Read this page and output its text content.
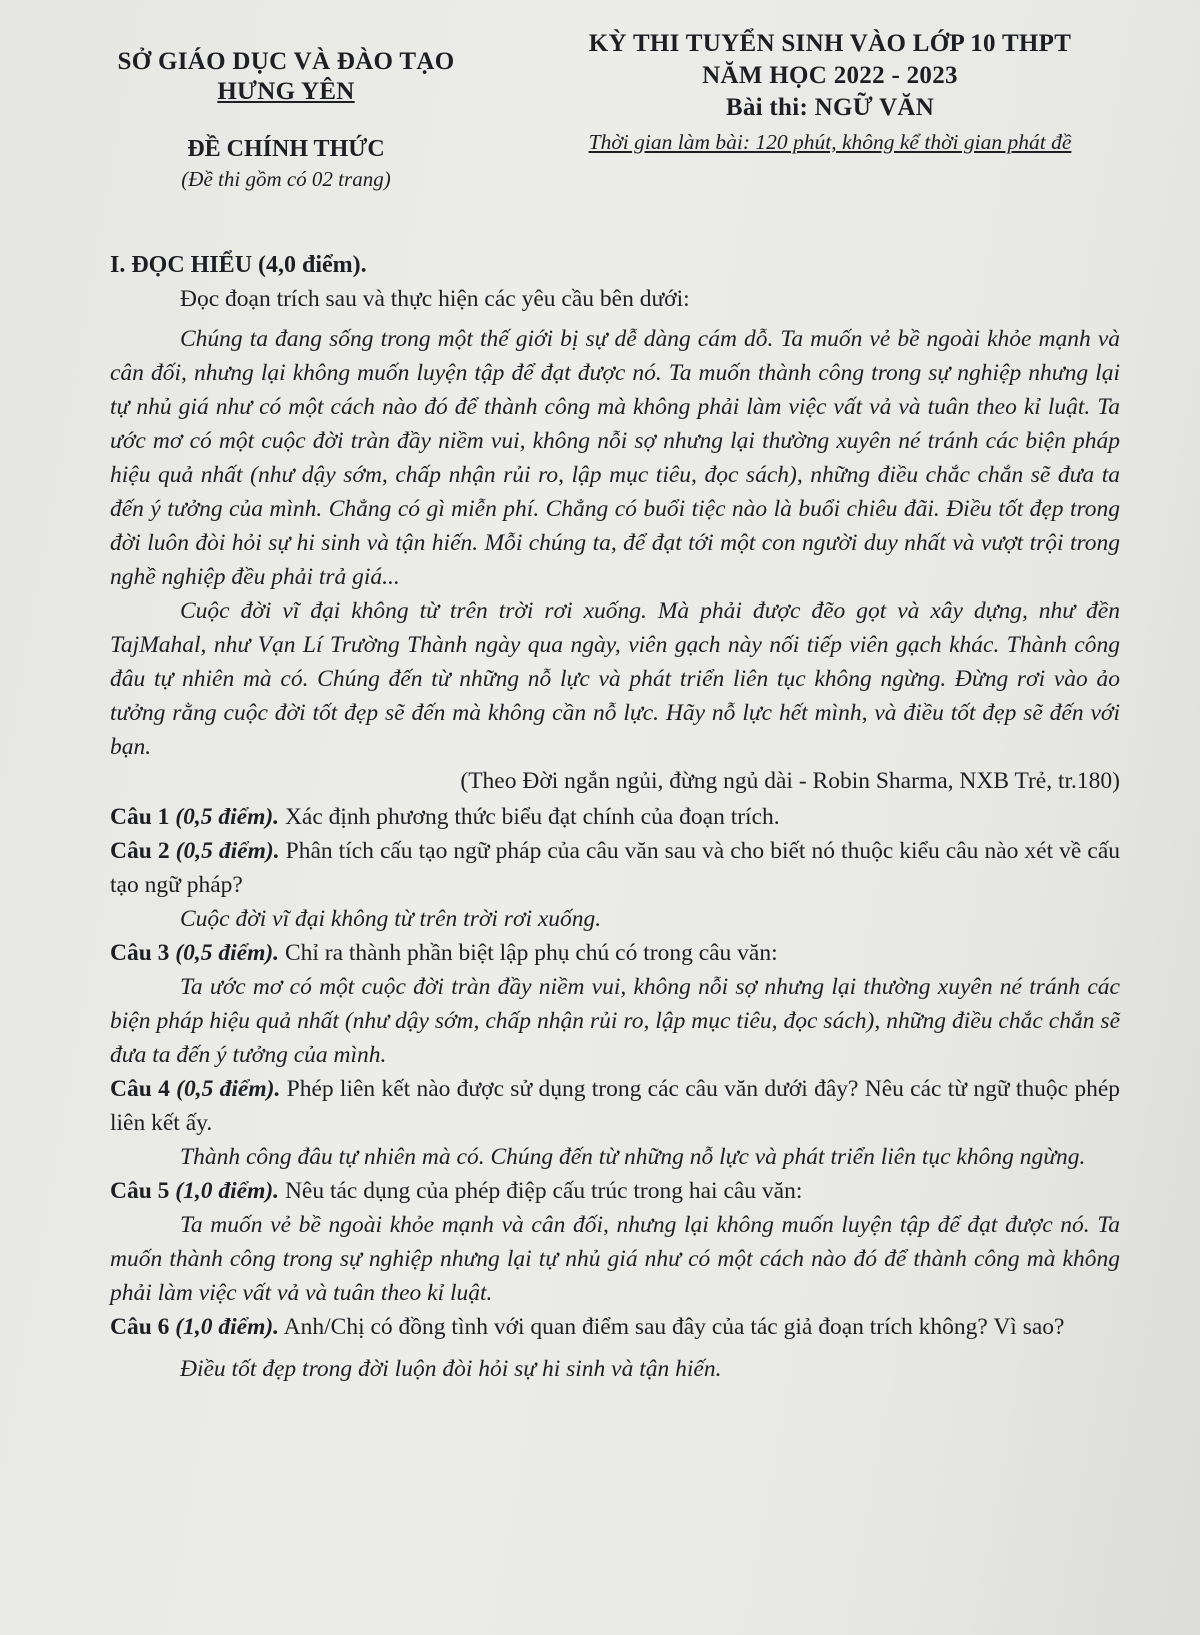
SỞ GIÁO DỤC VÀ ĐÀO TẠO
HƯNG YÊN
ĐỀ CHÍNH THỨC
(Đề thi gồm có 02 trang)
KỲ THI TUYỂN SINH VÀO LỚP 10 THPT
NĂM HỌC 2022 - 2023
Bài thi: NGỮ VĂN
Thời gian làm bài: 120 phút, không kể thời gian phát đề

I. ĐỌC HIỂU (4,0 điểm).

Đọc đoạn trích sau và thực hiện các yêu cầu bên dưới:

Chúng ta đang sống trong một thế giới bị sự dễ dàng cám dỗ. Ta muốn vẻ bề ngoài khỏe mạnh và cân đối, nhưng lại không muốn luyện tập để đạt được nó. Ta muốn thành công trong sự nghiệp nhưng lại tự nhủ giá như có một cách nào đó để thành công mà không phải làm việc vất vả và tuân theo kỉ luật. Ta ước mơ có một cuộc đời tràn đầy niềm vui, không nỗi sợ nhưng lại thường xuyên né tránh các biện pháp hiệu quả nhất (như dậy sớm, chấp nhận rủi ro, lập mục tiêu, đọc sách), những điều chắc chắn sẽ đưa ta đến ý tưởng của mình. Chẳng có gì miễn phí. Chẳng có buổi tiệc nào là buổi chiêu đãi. Điều tốt đẹp trong đời luôn đòi hỏi sự hi sinh và tận hiến. Mỗi chúng ta, để đạt tới một con người duy nhất và vượt trội trong nghề nghiệp đều phải trả giá...

Cuộc đời vĩ đại không từ trên trời rơi xuống. Mà phải được đẽo gọt và xây dựng, như đền TajMahal, như Vạn Lí Trường Thành ngày qua ngày, viên gạch này nối tiếp viên gạch khác. Thành công đâu tự nhiên mà có. Chúng đến từ những nỗ lực và phát triển liên tục không ngừng. Đừng rơi vào ảo tưởng rằng cuộc đời tốt đẹp sẽ đến mà không cần nỗ lực. Hãy nỗ lực hết mình, và điều tốt đẹp sẽ đến với bạn.

(Theo Đời ngắn ngủi, đừng ngủ dài - Robin Sharma, NXB Trẻ, tr.180)

Câu 1 (0,5 điểm). Xác định phương thức biểu đạt chính của đoạn trích.

Câu 2 (0,5 điểm). Phân tích cấu tạo ngữ pháp của câu văn sau và cho biết nó thuộc kiểu câu nào xét về cấu tạo ngữ pháp?

Cuộc đời vĩ đại không từ trên trời rơi xuống.

Câu 3 (0,5 điểm). Chỉ ra thành phần biệt lập phụ chú có trong câu văn:

Ta ước mơ có một cuộc đời tràn đầy niềm vui, không nỗi sợ nhưng lại thường xuyên né tránh các biện pháp hiệu quả nhất (như dậy sớm, chấp nhận rủi ro, lập mục tiêu, đọc sách), những điều chắc chắn sẽ đưa ta đến ý tưởng của mình.

Câu 4 (0,5 điểm). Phép liên kết nào được sử dụng trong các câu văn dưới đây? Nêu các từ ngữ thuộc phép liên kết ấy.

Thành công đâu tự nhiên mà có. Chúng đến từ những nỗ lực và phát triển liên tục không ngừng.

Câu 5 (1,0 điểm). Nêu tác dụng của phép điệp cấu trúc trong hai câu văn:

Ta muốn vẻ bề ngoài khỏe mạnh và cân đối, nhưng lại không muốn luyện tập để đạt được nó. Ta muốn thành công trong sự nghiệp nhưng lại tự nhủ giá như có một cách nào đó để thành công mà không phải làm việc vất vả và tuân theo kỉ luật.

Câu 6 (1,0 điểm). Anh/Chị có đồng tình với quan điểm sau đây của tác giả đoạn trích không? Vì sao?

Điều tốt đẹp trong đời luộn đòi hỏi sự hi sinh và tận hiến.
